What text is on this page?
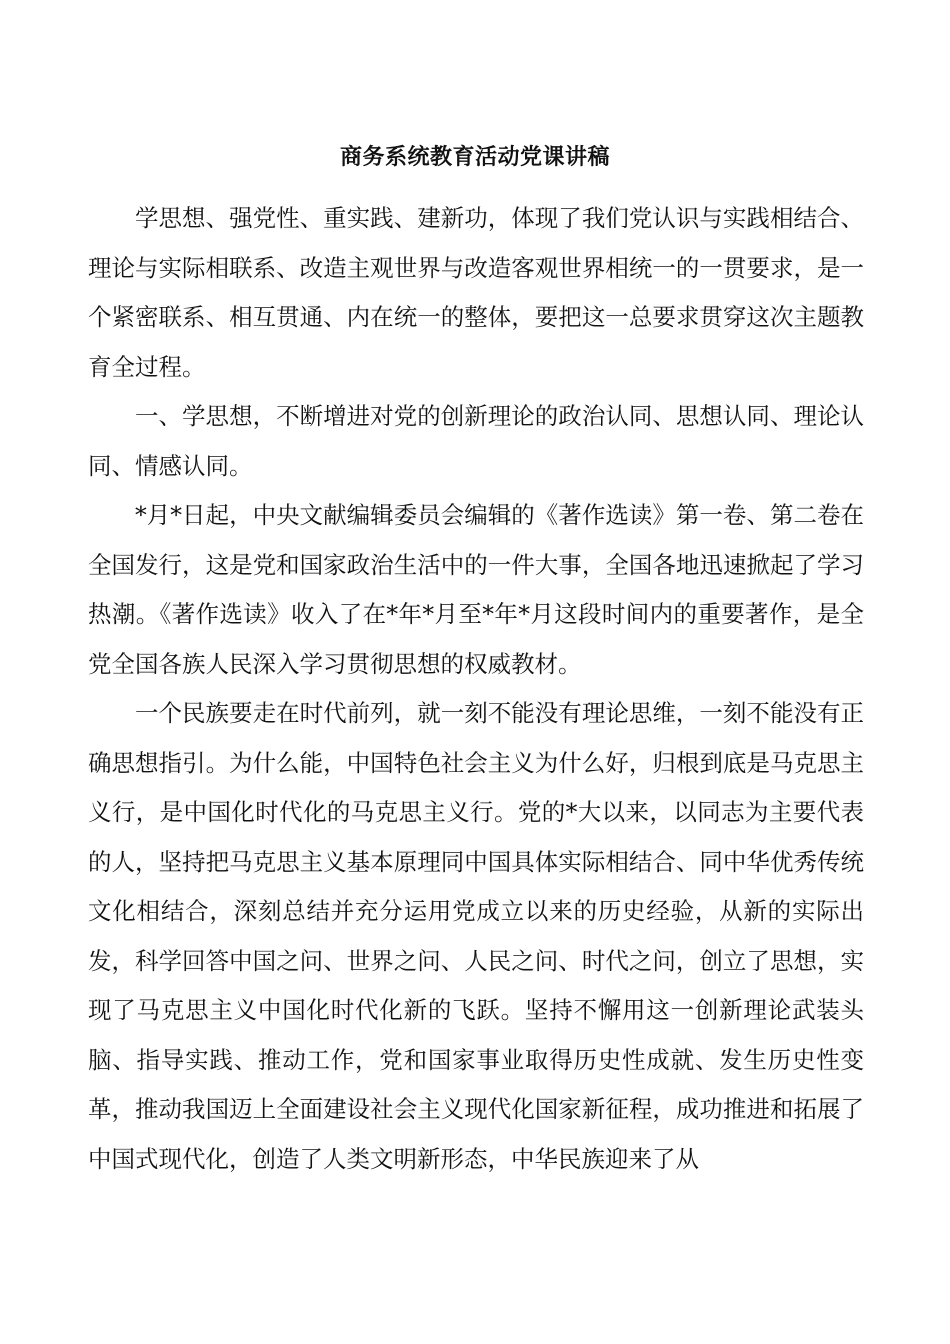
商务系统教育活动党课讲稿

学思想、强党性、重实践、建新功，体现了我们党认识与实践相结合、理论与实际相联系、改造主观世界与改造客观世界相统一的一贯要求，是一个紧密联系、相互贯通、内在统一的整体，要把这一总要求贯穿这次主题教育全过程。

一、学思想，不断增进对党的创新理论的政治认同、思想认同、理论认同、情感认同。

*月*日起，中央文献编辑委员会编辑的《著作选读》第一卷、第二卷在全国发行，这是党和国家政治生活中的一件大事，全国各地迅速掀起了学习热潮。《著作选读》收入了在*年*月至*年*月这段时间内的重要著作，是全党全国各族人民深入学习贯彻思想的权威教材。

一个民族要走在时代前列，就一刻不能没有理论思维，一刻不能没有正确思想指引。为什么能，中国特色社会主义为什么好，归根到底是马克思主义行，是中国化时代化的马克思主义行。党的*大以来，以同志为主要代表的人，坚持把马克思主义基本原理同中国具体实际相结合、同中华优秀传统文化相结合，深刻总结并充分运用党成立以来的历史经验，从新的实际出发，科学回答中国之问、世界之问、人民之问、时代之问，创立了思想，实现了马克思主义中国化时代化新的飞跃。坚持不懈用这一创新理论武装头脑、指导实践、推动工作，党和国家事业取得历史性成就、发生历史性变革，推动我国迈上全面建设社会主义现代化国家新征程，成功推进和拓展了中国式现代化，创造了人类文明新形态，中华民族迎来了从
